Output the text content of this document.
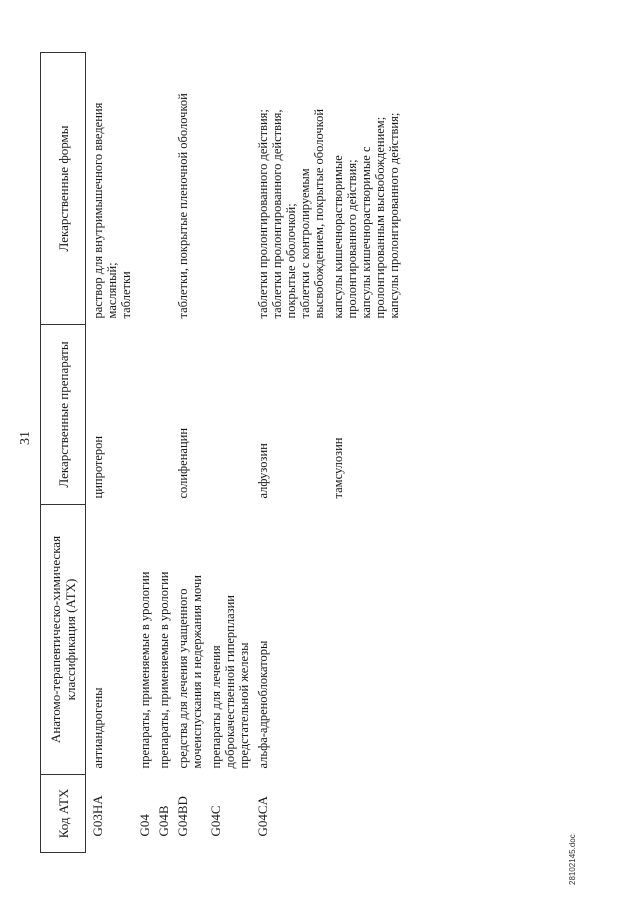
31
Код АТХ	Анатомо-терапевтическо-химическая классификация (АТХ)	Лекарственные препараты	Лекарственные формы
G03HA	антиандрогены	ципротерон	раствор для внутримышечного введения масляный; таблетки

G04	препараты, применяемые в урологии		

G04B	препараты, применяемые в урологии		

G04BD	средства для лечения учащенного мочеиспускания и недержания мочи	солифенацин	таблетки, покрытые пленочной оболочкой

G04C	препараты для лечения доброкачественной гиперплазии предстательной железы		

G04CA	альфа-адреноблокаторы	алфузозин	таблетки пролонгированного действия; таблетки пролонгированного действия, покрытые оболочкой; таблетки с контролируемым высвобождением, покрытые оболочкой

		тамсулозин	капсулы кишечнорастворимые пролонгированного действия; капсулы кишечнорастворимые с пролонгированным высвобождением; капсулы пролонгированного действия;
28102145.doc
